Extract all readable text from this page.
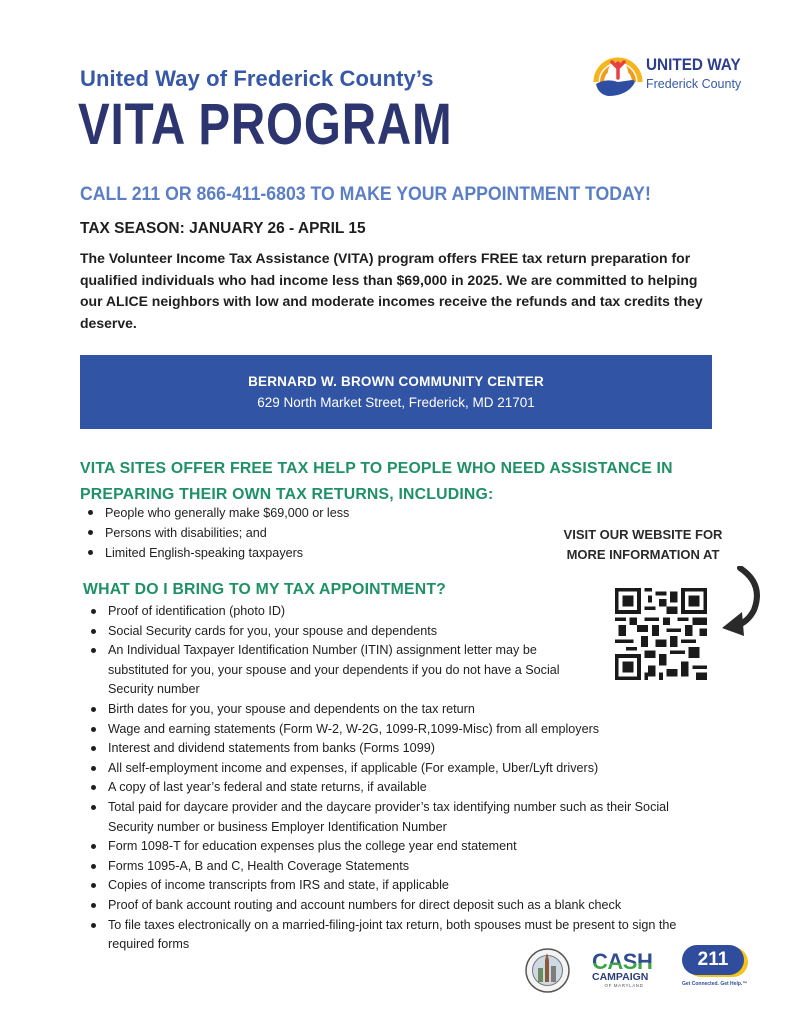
United Way of Frederick County’s
VITA PROGRAM
UNITED WAY
Frederick County
CALL 211 OR 866-411-6803 TO MAKE YOUR APPOINTMENT TODAY!
TAX SEASON: JANUARY 26 - APRIL 15
The Volunteer Income Tax Assistance (VITA) program offers FREE tax return preparation for qualified individuals who had income less than $69,000 in 2025. We are committed to helping our ALICE neighbors with low and moderate incomes receive the refunds and tax credits they deserve.
BERNARD W. BROWN COMMUNITY CENTER
629 North Market Street, Frederick, MD 21701
VITA SITES OFFER FREE TAX HELP TO PEOPLE WHO NEED ASSISTANCE IN PREPARING THEIR OWN TAX RETURNS, INCLUDING:
People who generally make $69,000 or less
Persons with disabilities; and
Limited English-speaking taxpayers
VISIT OUR WEBSITE FOR
MORE INFORMATION AT
WHAT DO I BRING TO MY TAX APPOINTMENT?
Proof of identification (photo ID)
Social Security cards for you, your spouse and dependents
An Individual Taxpayer Identification Number (ITIN) assignment letter may be substituted for you, your spouse and your dependents if you do not have a Social Security number
Birth dates for you, your spouse and dependents on the tax return
Wage and earning statements (Form W-2, W-2G, 1099-R,1099-Misc) from all employers
Interest and dividend statements from banks (Forms 1099)
All self-employment income and expenses, if applicable (For example, Uber/Lyft drivers)
A copy of last year’s federal and state returns, if available
Total paid for daycare provider and the daycare provider’s tax identifying number such as their Social Security number or business Employer Identification Number
Form 1098-T for education expenses plus the college year end statement
Forms 1095-A, B and C, Health Coverage Statements
Copies of income transcripts from IRS and state, if applicable
Proof of bank account routing and account numbers for direct deposit such as a blank check
To file taxes electronically on a married-filing-joint tax return, both spouses must be present to sign the required forms
CASH
CAMPAIGN
OF MARYLAND
211
Get Connected. Get Help.™
